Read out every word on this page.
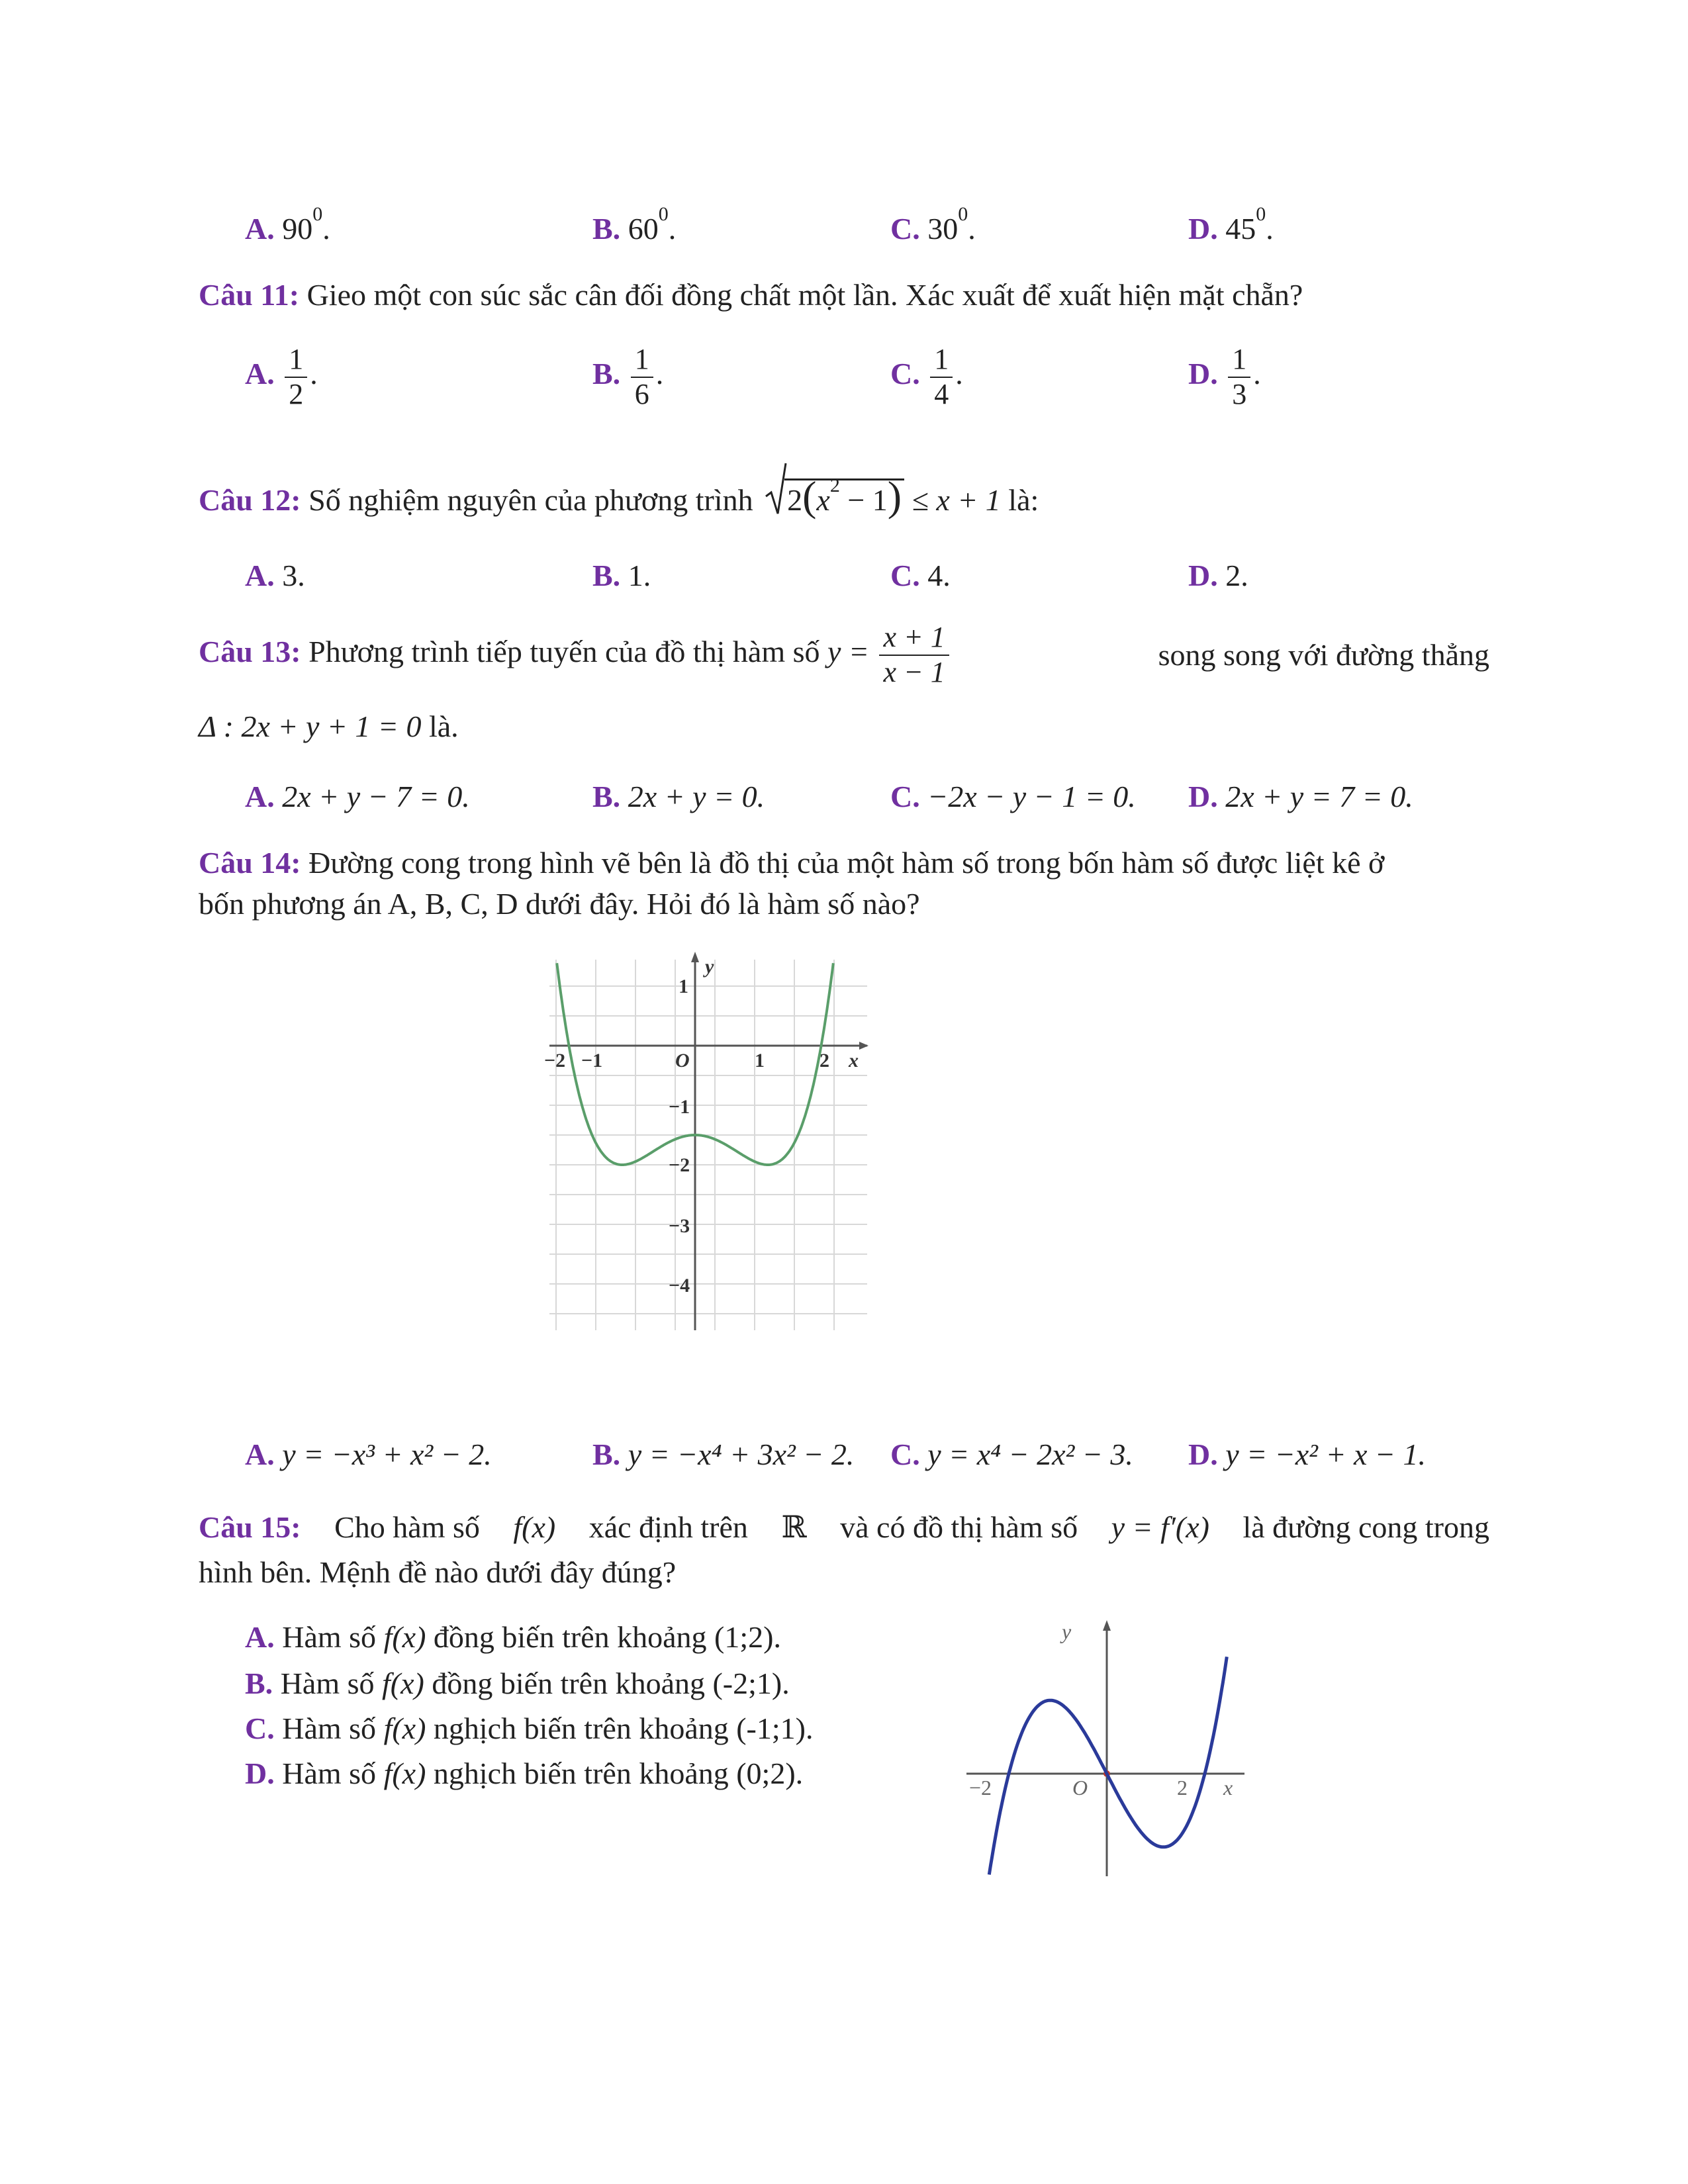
A. $90^0$.	B. $60^0$.	C. $30^0$.	D. $45^0$.
Câu 11: Gieo một con súc sắc cân đối đồng chất một lần. Xác xuất để xuất hiện mặt chẵn?
A. $\frac{1}{2}$ .	B. $\frac{1}{6}$ .	C. $\frac{1}{4}$ .	D. $\frac{1}{3}$ .
Câu 12: Số nghiệm nguyên của phương trình $2(x^2 - 1) \le x + 1$ là:
A. 3.	B. 1.	C. 4.	D. 2.
Câu 13: Phương trình tiếp tuyến của đồ thị hàm số $y = \frac{x + 1}{x - 1}$	song song với đường thẳng
Δ : 2x + y + 1 = 0 là.
A. 2x + y − 7 = 0.	B. 2x + y = 0.	C. −2x − y − 1 = 0. D. 2x + y = 7 = 0.
Câu 14: Đường cong trong hình vẽ bên là đồ thị của một hàm số trong bốn hàm số được liệt kê ở
bốn phương án A, B, C, D dưới đây. Hỏi đó là hàm số nào?
y
x
−2 −1	O	1	2
1
−1
−2
−3
−4
A. y = −x³ + x² − 2.	B. y = −x⁴ + 3x² − 2. C. y = x⁴ − 2x² − 3. D. y = −x² + x − 1.
Câu 15: Cho hàm số f(x) xác định trên ℝ và có đồ thị hàm số y = f′(x) là đường cong trong
hình bên. Mệnh đề nào dưới đây đúng?
A. Hàm số f(x) đồng biến trên khoảng (1;2).
B. Hàm số f(x) đồng biến trên khoảng (-2;1).
C. Hàm số f(x) nghịch biến trên khoảng (-1;1).
D. Hàm số f(x) nghịch biến trên khoảng (0;2).
y
x
−2	O	2
